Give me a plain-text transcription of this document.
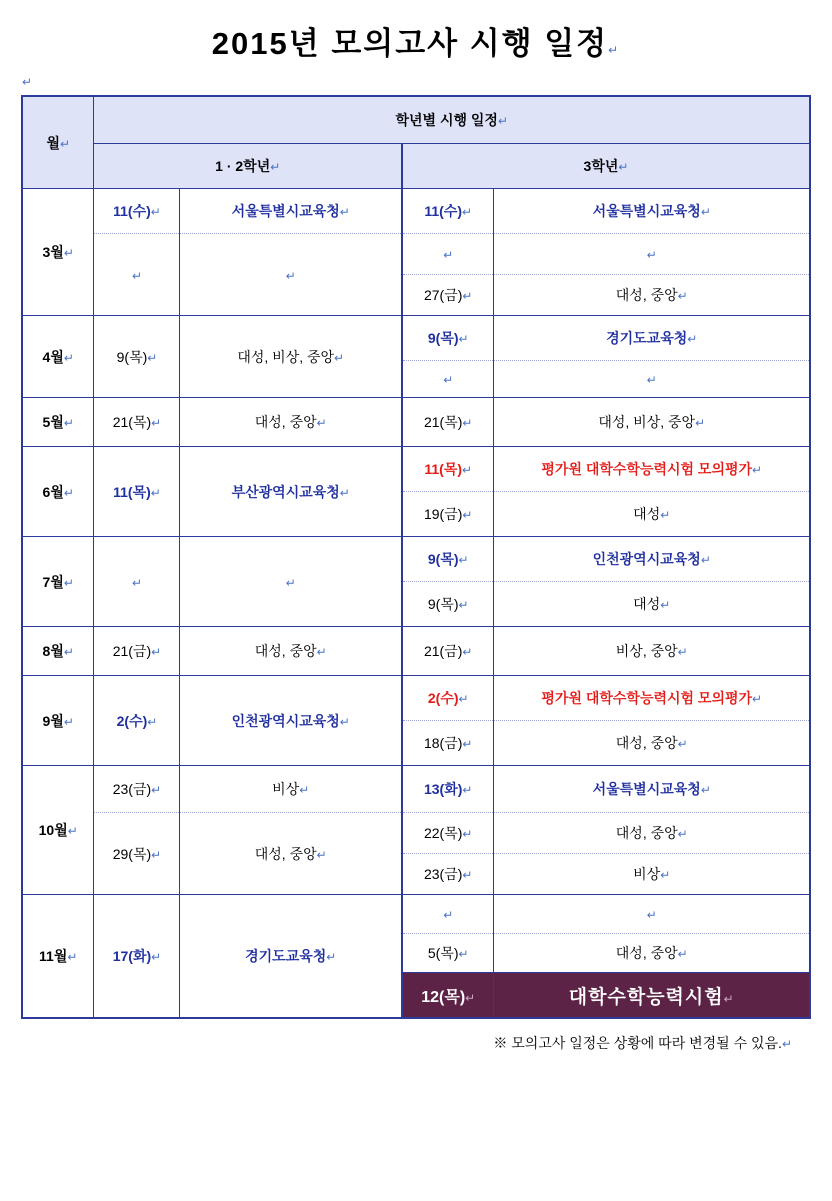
2015년 모의고사 시행 일정↵
↵
월↵	학년별 시행 일정↵			
	1 · 2학년↵		3학년↵	
3월↵	11(수)↵	서울특별시교육청↵	11(수)↵	서울특별시교육청↵
	↵	↵	↵	↵
			27(금)↵	대성, 중앙↵
4월↵	9(목)↵	대성, 비상, 중앙↵	9(목)↵	경기도교육청↵
			↵	↵
5월↵	21(목)↵	대성, 중앙↵	21(목)↵	대성, 비상, 중앙↵
6월↵	11(목)↵	부산광역시교육청↵	11(목)↵	평가원 대학수학능력시험 모의평가↵
			19(금)↵	대성↵
7월↵	↵	↵	9(목)↵	인천광역시교육청↵
			9(목)↵	대성↵
8월↵	21(금)↵	대성, 중앙↵	21(금)↵	비상, 중앙↵
9월↵	2(수)↵	인천광역시교육청↵	2(수)↵	평가원 대학수학능력시험 모의평가↵
			18(금)↵	대성, 중앙↵
10월↵	23(금)↵	비상↵	13(화)↵	서울특별시교육청↵
	29(목)↵	대성, 중앙↵	22(목)↵	대성, 중앙↵
			23(금)↵	비상↵
11월↵	17(화)↵	경기도교육청↵	↵	↵
			5(목)↵	대성, 중앙↵
			12(목)↵	대학수학능력시험↵
※ 모의고사 일정은 상황에 따라 변경될 수 있음.↵
